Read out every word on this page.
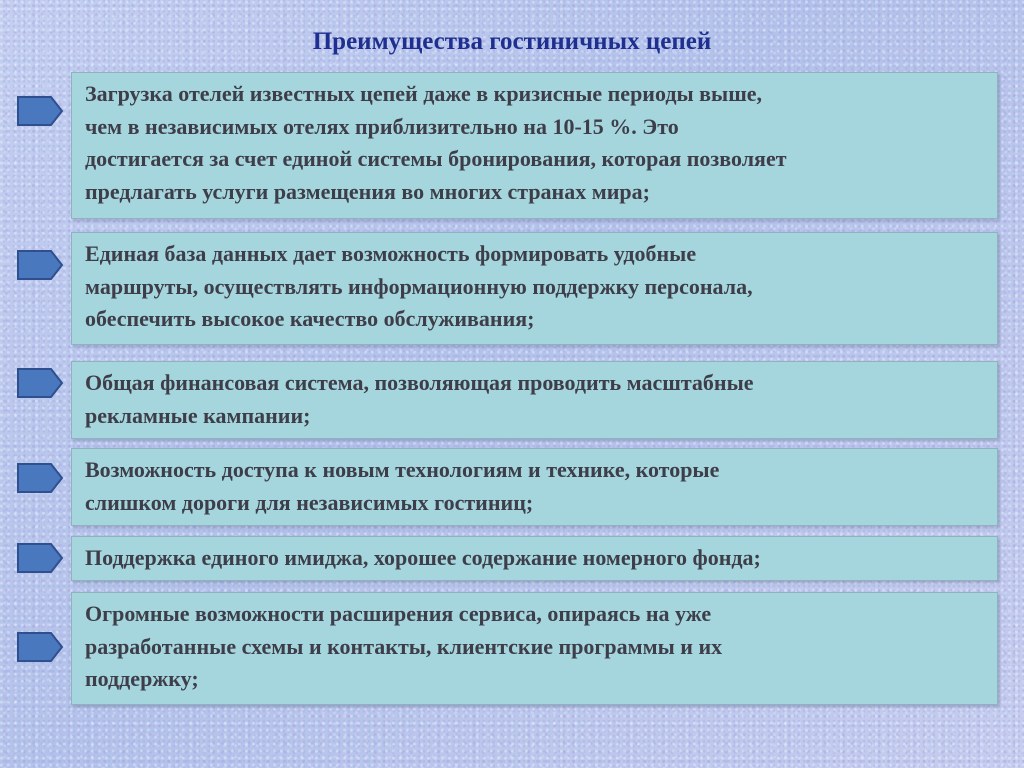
Преимущества гостиничных цепей
Загрузка отелей известных цепей даже в кризисные периоды выше,
чем в независимых отелях приблизительно на 10-15 %. Это
достигается за счет единой системы бронирования, которая позволяет
предлагать услуги размещения во многих странах мира;
Единая база данных дает возможность формировать удобные
маршруты, осуществлять информационную поддержку персонала,
обеспечить высокое качество обслуживания;
Общая финансовая система, позволяющая проводить масштабные
рекламные кампании;
Возможность доступа к новым технологиям и технике, которые
слишком дороги для независимых гостиниц;
Поддержка единого имиджа, хорошее содержание номерного фонда;
Огромные возможности расширения сервиса, опираясь на уже
разработанные схемы и контакты, клиентские программы и их
поддержку;
